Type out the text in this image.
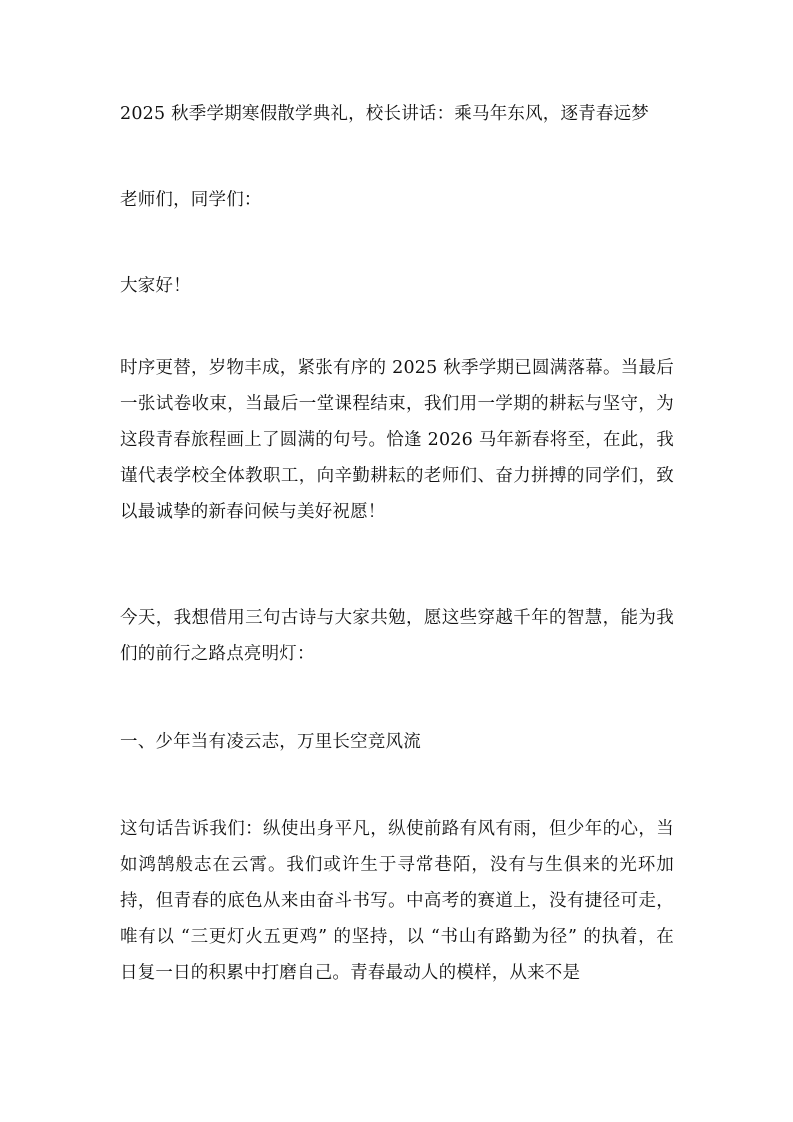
2025 秋季学期寒假散学典礼，校长讲话：乘马年东风，逐青春远梦

老师们，同学们：

大家好！

时序更替，岁物丰成，紧张有序的 2025 秋季学期已圆满落幕。当最后一张试卷收束，当最后一堂课程结束，我们用一学期的耕耘与坚守，为这段青春旅程画上了圆满的句号。恰逢 2026 马年新春将至，在此，我谨代表学校全体教职工，向辛勤耕耘的老师们、奋力拼搏的同学们，致以最诚挚的新春问候与美好祝愿！

今天，我想借用三句古诗与大家共勉，愿这些穿越千年的智慧，能为我们的前行之路点亮明灯：

一、少年当有凌云志，万里长空竞风流

这句话告诉我们：纵使出身平凡，纵使前路有风有雨，但少年的心，当如鸿鹄般志在云霄。我们或许生于寻常巷陌，没有与生俱来的光环加持，但青春的底色从来由奋斗书写。中高考的赛道上，没有捷径可走，唯有以 “三更灯火五更鸡” 的坚持，以 “书山有路勤为径” 的执着，在日复一日的积累中打磨自己。青春最动人的模样，从来不是
